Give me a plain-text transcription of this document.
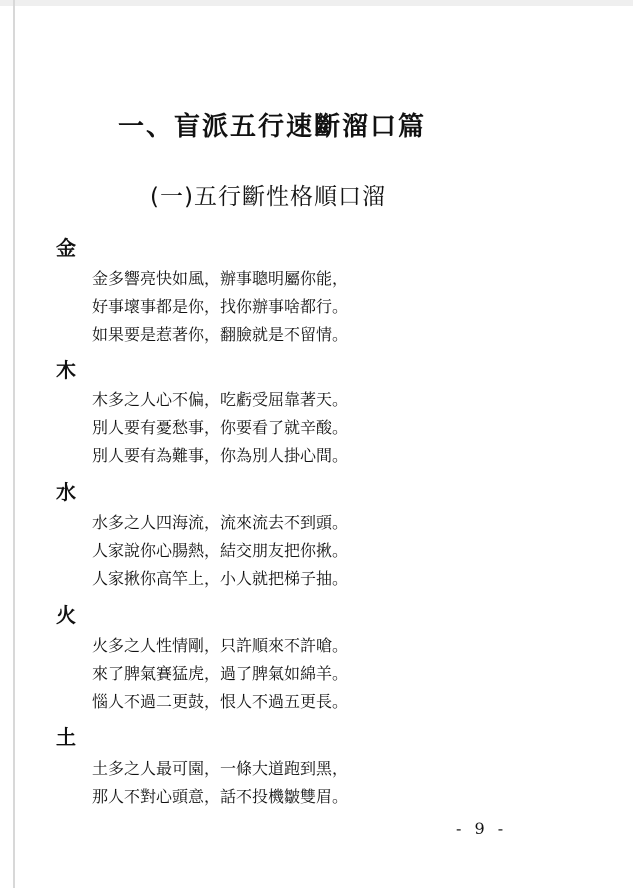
一、盲派五行速斷溜口篇
(一)五行斷性格順口溜
金
金多響亮快如風，辦事聰明屬你能，
好事壞事都是你，找你辦事啥都行。
如果要是惹著你，翻臉就是不留情。
木
木多之人心不偏，吃虧受屈靠著天。
別人要有憂愁事，你要看了就辛酸。
別人要有為難事，你為別人掛心間。
水
水多之人四海流，流來流去不到頭。
人家說你心腸熱，結交朋友把你揪。
人家揪你高竿上，小人就把梯子抽。
火
火多之人性情剛，只許順來不許嗆。
來了脾氣賽猛虎，過了脾氣如綿羊。
惱人不過二更鼓，恨人不過五更長。
土
土多之人最可園，一條大道跑到黑，
那人不對心頭意，話不投機皺雙眉。
- 9 -
